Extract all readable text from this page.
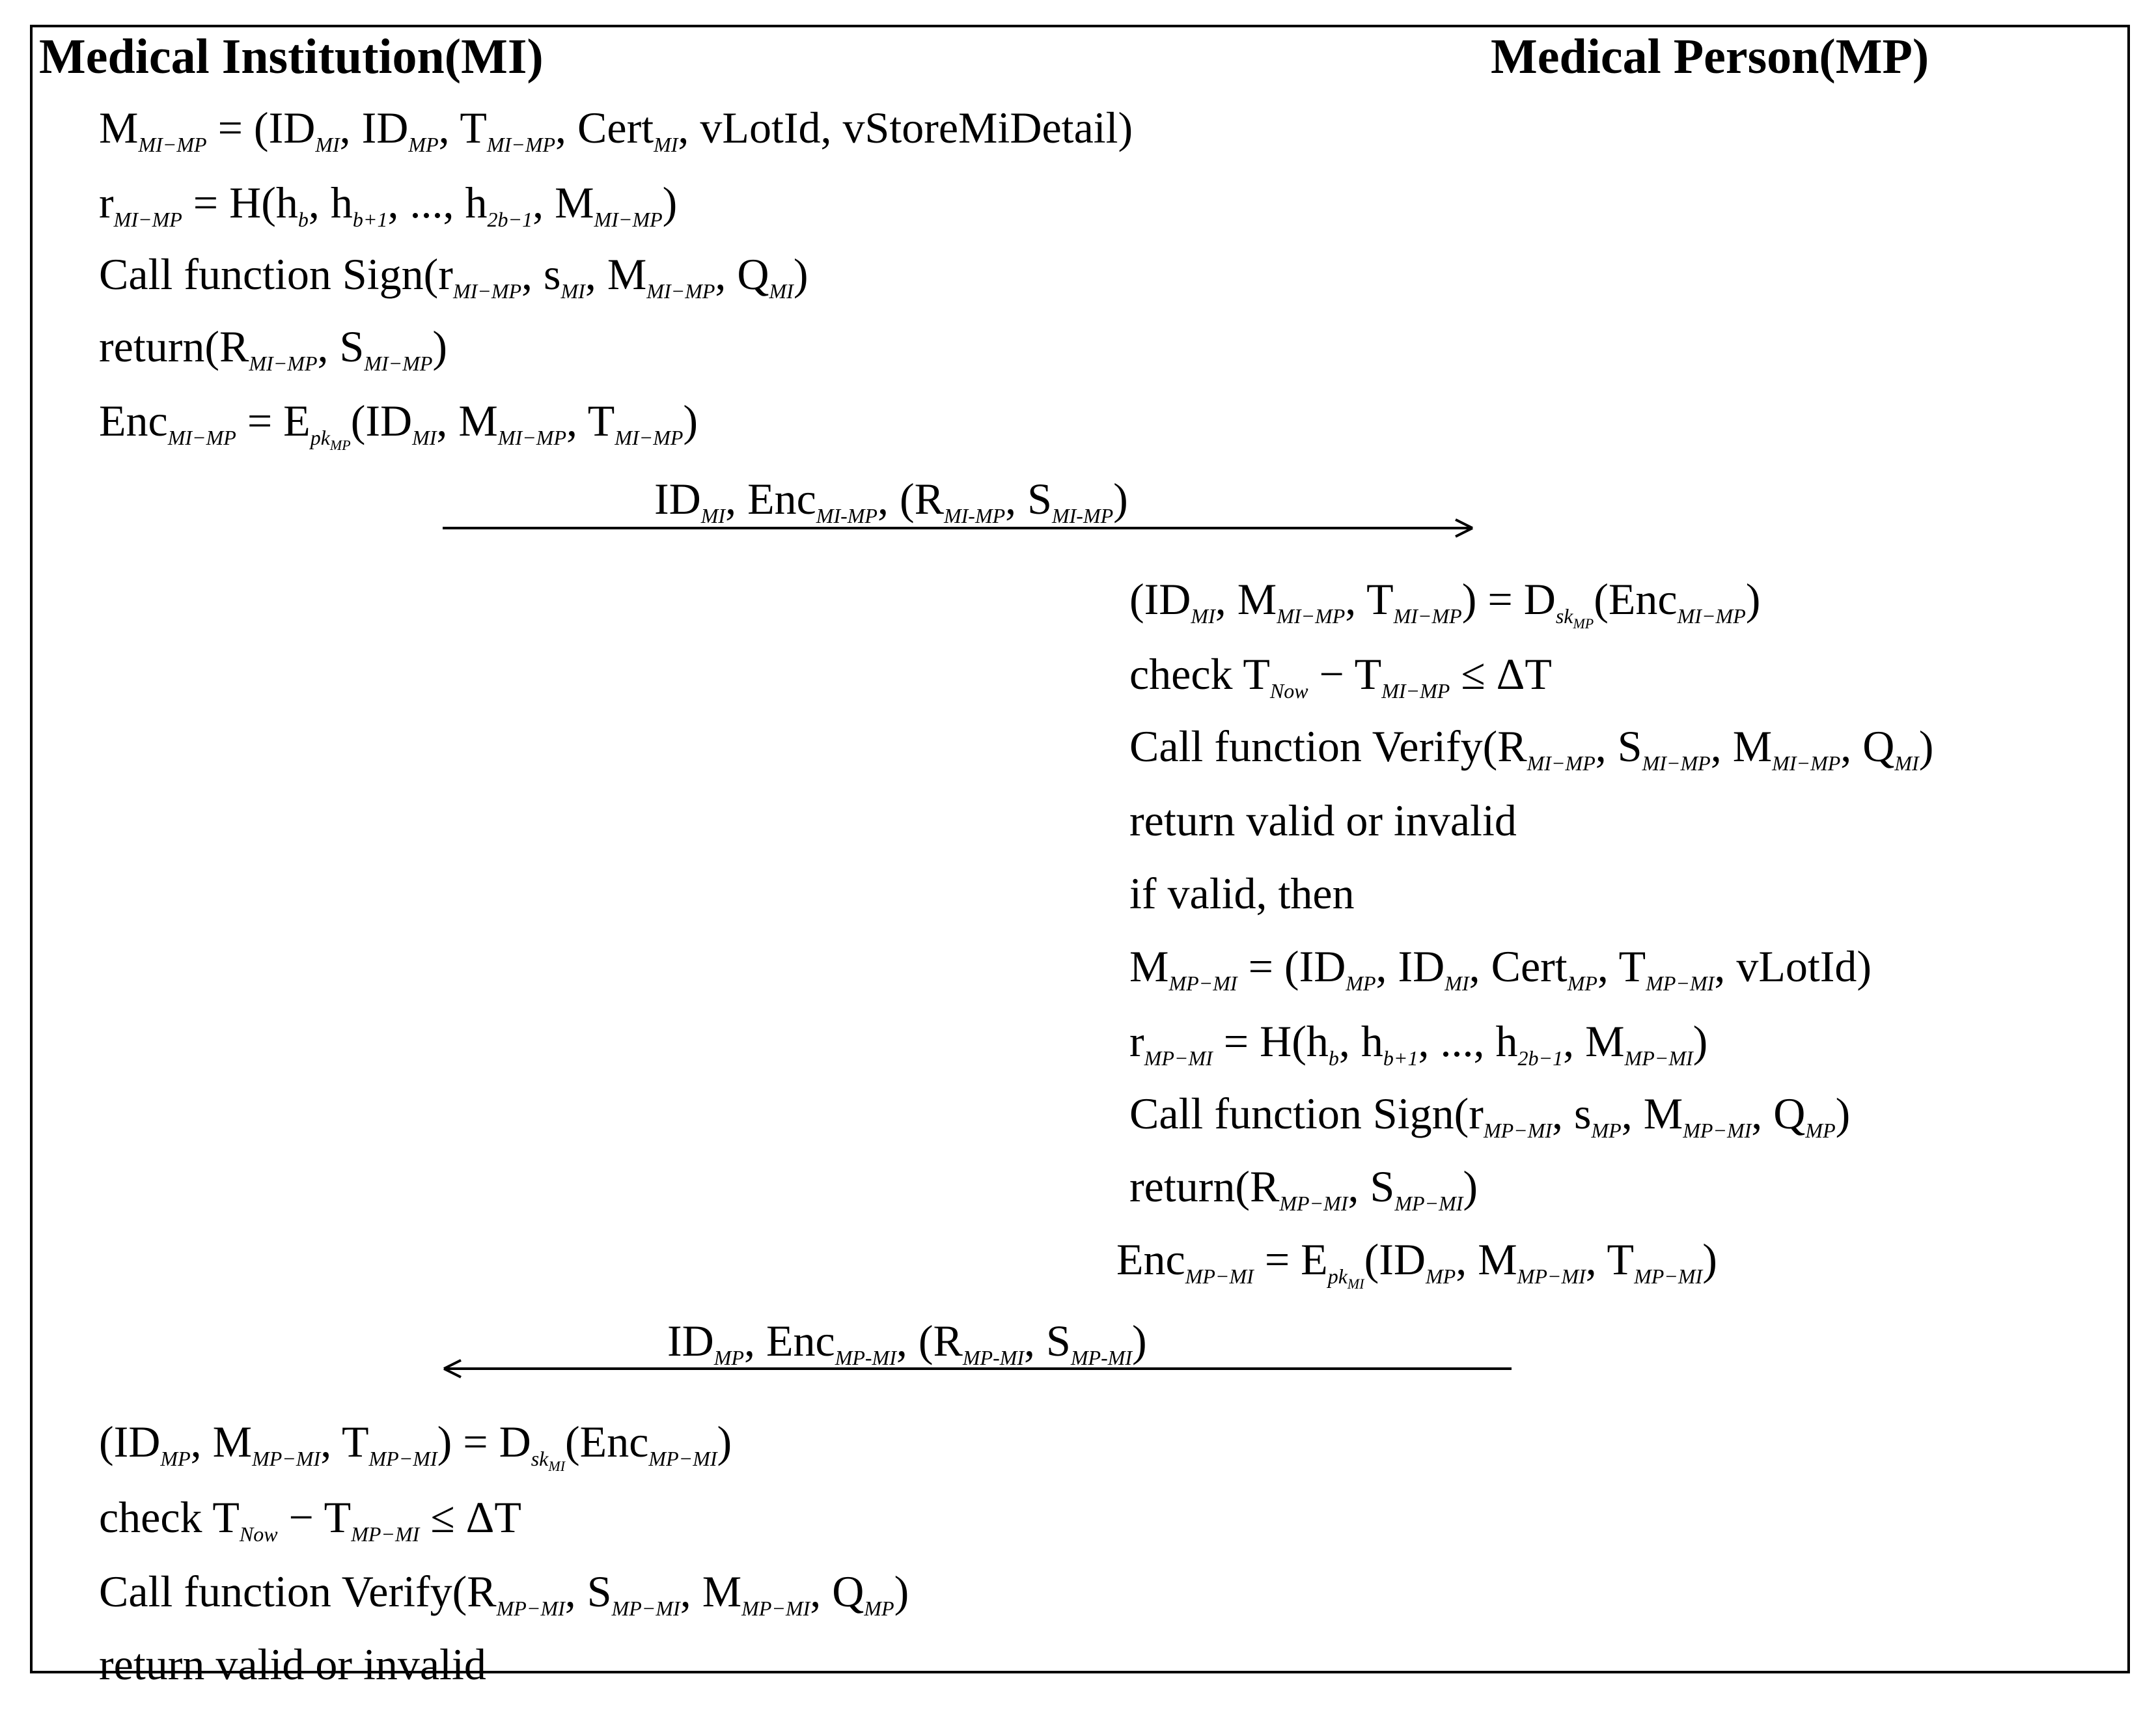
Medical Institution(MI)	Medical Person(MP)
$M_{MI-MP} = (ID_{MI}$, $ID_{MP}$, $T_{MI-MP}$, Cert$_{MI}$, vLotId, vStoreMiDetail)
$r_{MI-MP} = H(h_b$, $h_{b+1}$, ..., $h_{2b-1}$, $M_{MI-MP}$)
Call function $Sign(r_{MI-MP}$, $s_{MI}$, $M_{MI-MP}$, $Q_{MI}$)
$return(R_{MI-MP}$, $S_{MI-MP}$)
$Enc_{MI-MP} = E_{pk_{MP}}(ID_{MI}$, $M_{MI-MP}$, $T_{MI-MP}$)
$ID_{MI}$, Enc$_{MI-MP}$, ($R_{MI-MP}$, $S_{MI-MP}$)
($ID_{MI}$, $M_{MI-MP}$, $T_{MI-MP}) = D_{sk_{MP}}(Enc_{MI-MP})$
check $T_{Now} - T_{MI-MP} \le \Delta T$
Call function $Verify(R_{MI-MP}$, $S_{MI-MP}$, $M_{MI-MP}$, $Q_{MI}$)
return valid or invalid
if valid, then
$M_{MP-MI} = (ID_{MP}$, $ID_{MI}$, Cert$_{MP}$, $T_{MP-MI}$, vLotId)
$r_{MP-MI} = H(h_b$, $h_{b+1}$, ..., $h_{2b-1}$, $M_{MP-MI}$)
Call function $Sign(r_{MP-MI}$, $s_{MP}$, $M_{MP-MI}$, $Q_{MP}$)
$return(R_{MP-MI}$, $S_{MP-MI}$)
$Enc_{MP-MI} = E_{pk_{MI}}(ID_{MP}$, $M_{MP-MI}$, $T_{MP-MI}$)
$ID_{MP}$, Enc$_{MP-MI}$, ($R_{MP-MI}$, $S_{MP-MI}$)
($ID_{MP}$, $M_{MP-MI}$, $T_{MP-MI}) = D_{sk_{MI}}(Enc_{MP-MI})$
check $T_{Now} - T_{MP-MI} \le \Delta T$
Call function $Verify(R_{MP-MI}$, $S_{MP-MI}$, $M_{MP-MI}$, $Q_{MP}$)
return valid or invalid
